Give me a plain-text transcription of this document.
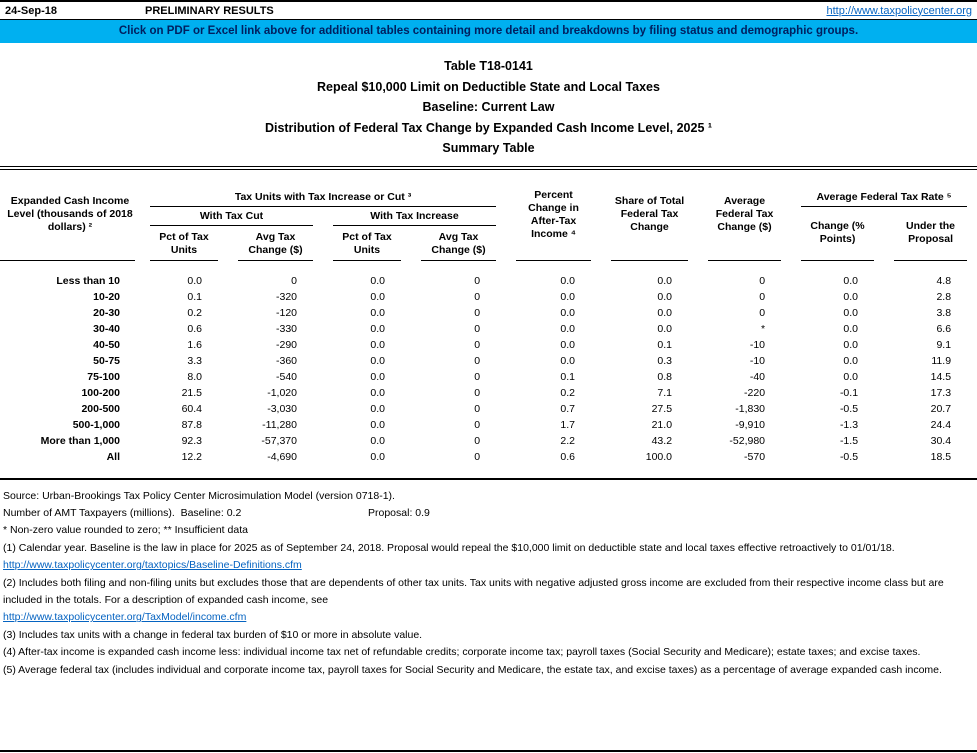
24-Sep-18	PRELIMINARY RESULTS	http://www.taxpolicycenter.org
Click on PDF or Excel link above for additional tables containing more detail and breakdowns by filing status and demographic groups.
Table T18-0141
Repeal $10,000 Limit on Deductible State and Local Taxes
Baseline: Current Law
Distribution of Federal Tax Change by Expanded Cash Income Level, 2025 ¹
Summary Table
Expanded Cash Income Level (thousands of 2018 dollars) ²	Tax Units with Tax Increase or Cut ³				Percent Change in After-Tax Income ⁴	Share of Total Federal Tax Change	Average Federal Tax Change ($)	Average Federal Tax Rate ⁵	

	With Tax Cut		With Tax Increase					Change (% Points)	Under the Proposal

	Pct of Tax Units	Avg Tax Change ($)	Pct of Tax Units	Avg Tax Change ($)					

Less than 10	0.0	0	0.0	0	0.0	0.0	0	0.0	4.8
10-20	0.1	-320	0.0	0	0.0	0.0	0	0.0	2.8
20-30	0.2	-120	0.0	0	0.0	0.0	0	0.0	3.8
30-40	0.6	-330	0.0	0	0.0	0.0	*	0.0	6.6
40-50	1.6	-290	0.0	0	0.0	0.1	-10	0.0	9.1
50-75	3.3	-360	0.0	0	0.0	0.3	-10	0.0	11.9
75-100	8.0	-540	0.0	0	0.1	0.8	-40	0.0	14.5
100-200	21.5	-1,020	0.0	0	0.2	7.1	-220	-0.1	17.3
200-500	60.4	-3,030	0.0	0	0.7	27.5	-1,830	-0.5	20.7
500-1,000	87.8	-11,280	0.0	0	1.7	21.0	-9,910	-1.3	24.4
More than 1,000	92.3	-57,370	0.0	0	2.2	43.2	-52,980	-1.5	30.4
All	12.2	-4,690	0.0	0	0.6	100.0	-570	-0.5	18.5
Source: Urban-Brookings Tax Policy Center Microsimulation Model (version 0718-1).
Number of AMT Taxpayers (millions). Baseline: 0.2	Proposal: 0.9
* Non-zero value rounded to zero; ** Insufficient data
(1) Calendar year. Baseline is the law in place for 2025 as of September 24, 2018. Proposal would repeal the $10,000 limit on deductible state and local taxes effective retroactively to 01/01/18.
http://www.taxpolicycenter.org/taxtopics/Baseline-Definitions.cfm
(2) Includes both filing and non-filing units but excludes those that are dependents of other tax units. Tax units with negative adjusted gross income are excluded from their respective income class but are included in the totals. For a description of expanded cash income, see
http://www.taxpolicycenter.org/TaxModel/income.cfm
(3) Includes tax units with a change in federal tax burden of $10 or more in absolute value.
(4) After-tax income is expanded cash income less: individual income tax net of refundable credits; corporate income tax; payroll taxes (Social Security and Medicare); estate taxes; and excise taxes.
(5) Average federal tax (includes individual and corporate income tax, payroll taxes for Social Security and Medicare, the estate tax, and excise taxes) as a percentage of average expanded cash income.
